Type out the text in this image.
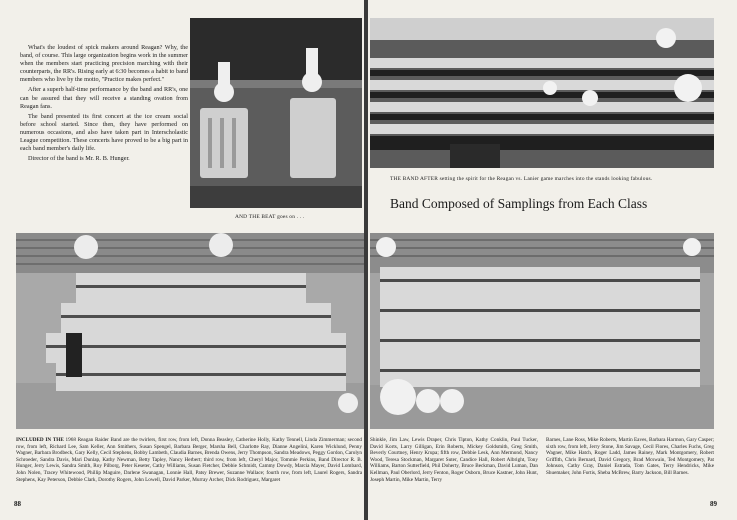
What's the loudest of spick makers around Reagan? Why, the band, of course. This large organization begins work in the summer when the members start practicing precision marching with their counterparts, the RR's. Rising early at 6:30 becomes a habit to band members who live by the motto, "Practice makes perfect."

After a superb half-time performance by the band and RR's, one can be assured that they will receive a standing ovation from Reagan fans.

The band presented its first concert at the ice cream social before school started. Since then, they have performed on numerous occasions, and also have taken part in Interscholastic League competition. These concerts have proved to be a big part in each band member's daily life.

Director of the band is Mr. R. B. Hunger.

AND THE BEAT goes on . . .
INCLUDED IN THE 1968 Reagan Raider Band are the twirlers, first row, from left, Donna Beasley, Catherine Holly, Kathy Tennell, Linda Zimmerman; second row, from left, Richard Lee, Sam Keller, Ann Smithers, Susan Spengel, Barbara Berger, Marsha Bell, Charlotte Ray, Dianne Angelini, Karen Wicklund, Penny Wagner, Barbara Brodbeck, Gary Kelly, Cecil Stephens, Bobby Lambeth, Claudia Barnes, Brenda Owens, Jerry Thompson, Sandra Meadows, Peggy Gordon, Carolyn Schroeder, Sandra Davis, Mari Dunlap, Kathy Newman, Betty Tapley, Nancy Herbert; third row, from left, Cheryl Major, Tommie Perkins, Band Director R. B. Hunger, Jerry Lewis, Sandra Smith, Roy Pilborg, Peter Keseter, Cathy Williams, Susan Fletcher, Debbie Schmidt, Cammy Dowdy, Marcia Mayer, David Lombard, John Nolen, Tracey Whitewood, Phillip Maguire, Darlene Swanagan, Lonnie Hall, Patsy Brewer, Suzanne Wallace; fourth row, from left, Laurel Rogers, Sandra Stephens, Kay Peterson, Debbie Clark, Dorothy Rogers, John Lowell, David Parker, Murray Archer, Dick Rodriguez, Margaret
88
THE BAND AFTER setting the spirit for the Reagan vs. Lanier game marches into the stands looking fabulous.
Band Composed of Samplings from Each Class
Shinkle, Jim Law, Lewis Draper, Chris Tipton, Kathy Conklin, Paul Tucker, David Korts, Larry Gilligan, Erin Roberts, Mickey Goldsmith, Greg Smith, Beverly Courtney, Henry Krupa; fifth row, Debbie Lesk, Ann Mermond, Nancy Wood, Teresa Stockman, Margaret Suter, Candice Hall, Robert Albright, Tony Williams, Barton Sutterfield, Phil Doherty, Bruce Beckman, David Luman, Dan Kellman, Paul Oberlord, Jerry Fenton, Roger Osborn, Bruce Kastner, John Hunt, Joseph Martin, Mike Martin, Terry
Barnes, Lane Ross, Mike Roberts, Martin Eaves, Barbara Harmon, Gary Casper; sixth row, from left, Jerry Stone, Jim Savage, Cecil Flores, Charles Fuchs, Greg Wagner, Mike Hatch, Roger Ladd, James Rainey, Mark Montgomery, Robert Griffith, Chris Bernard, David Gregory, Brad Mcswain, Ted Montgomery, Pat Johnson, Cathy Gray, Daniel Estrada, Tom Gates, Terry Hendricks, Mike Shuemaker, John Fortis, Sheba McBrew, Barry Jackson, Bill Barnes.
89
